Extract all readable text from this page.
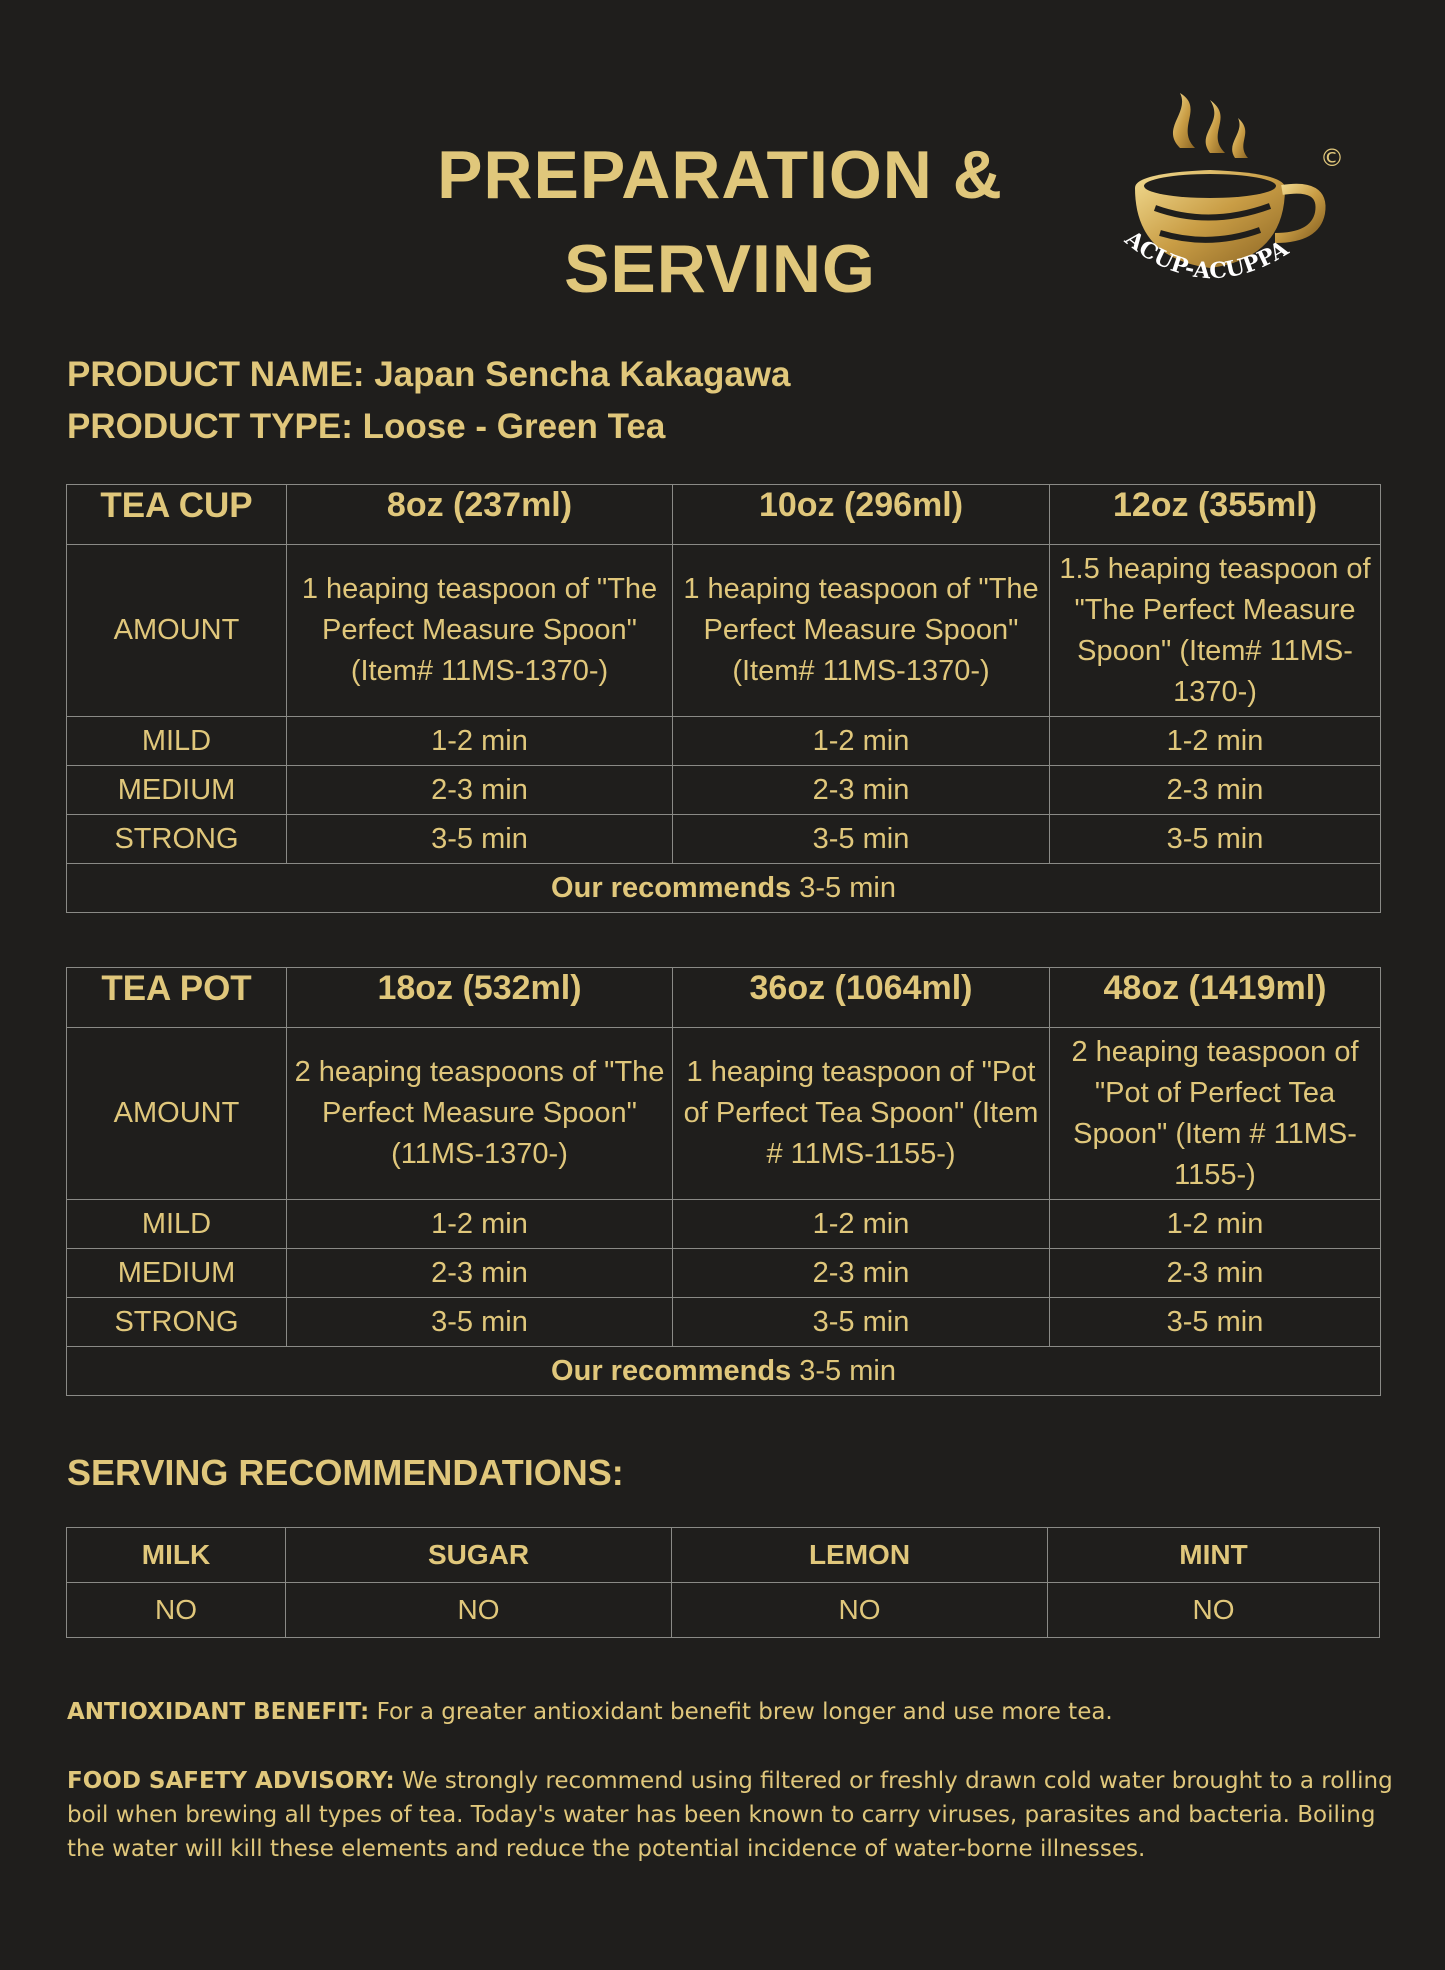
PREPARATION &
SERVING
©
ACUP-ACUPPA
PRODUCT NAME: Japan Sencha Kakagawa
PRODUCT TYPE: Loose - Green Tea
TEA CUP	8oz (237ml)	10oz (296ml)	12oz (355ml)
AMOUNT	1 heaping teaspoon of "The Perfect Measure Spoon" (Item# 11MS-1370-)	1 heaping teaspoon of "The Perfect Measure Spoon" (Item# 11MS-1370-)	1.5 heaping teaspoon of "The Perfect Measure Spoon" (Item# 11MS-1370-)
MILD	1-2 min	1-2 min	1-2 min
MEDIUM	2-3 min	2-3 min	2-3 min
STRONG	3-5 min	3-5 min	3-5 min
Our recommends 3-5 min			
TEA POT	18oz (532ml)	36oz (1064ml)	48oz (1419ml)
AMOUNT	2 heaping teaspoons of "The Perfect Measure Spoon" (11MS-1370-)	1 heaping teaspoon of "Pot of Perfect Tea Spoon" (Item # 11MS-1155-)	2 heaping teaspoon of "Pot of Perfect Tea Spoon" (Item # 11MS-1155-)
MILD	1-2 min	1-2 min	1-2 min
MEDIUM	2-3 min	2-3 min	2-3 min
STRONG	3-5 min	3-5 min	3-5 min
Our recommends 3-5 min			
SERVING RECOMMENDATIONS:
MILK	SUGAR	LEMON	MINT
NO	NO	NO	NO
ANTIOXIDANT BENEFIT: For a greater antioxidant benefit brew longer and use more tea.
FOOD SAFETY ADVISORY: We strongly recommend using filtered or freshly drawn cold water brought to a rolling boil when brewing all types of tea. Today's water has been known to carry viruses, parasites and bacteria. Boiling the water will kill these elements and reduce the potential incidence of water-borne illnesses.
